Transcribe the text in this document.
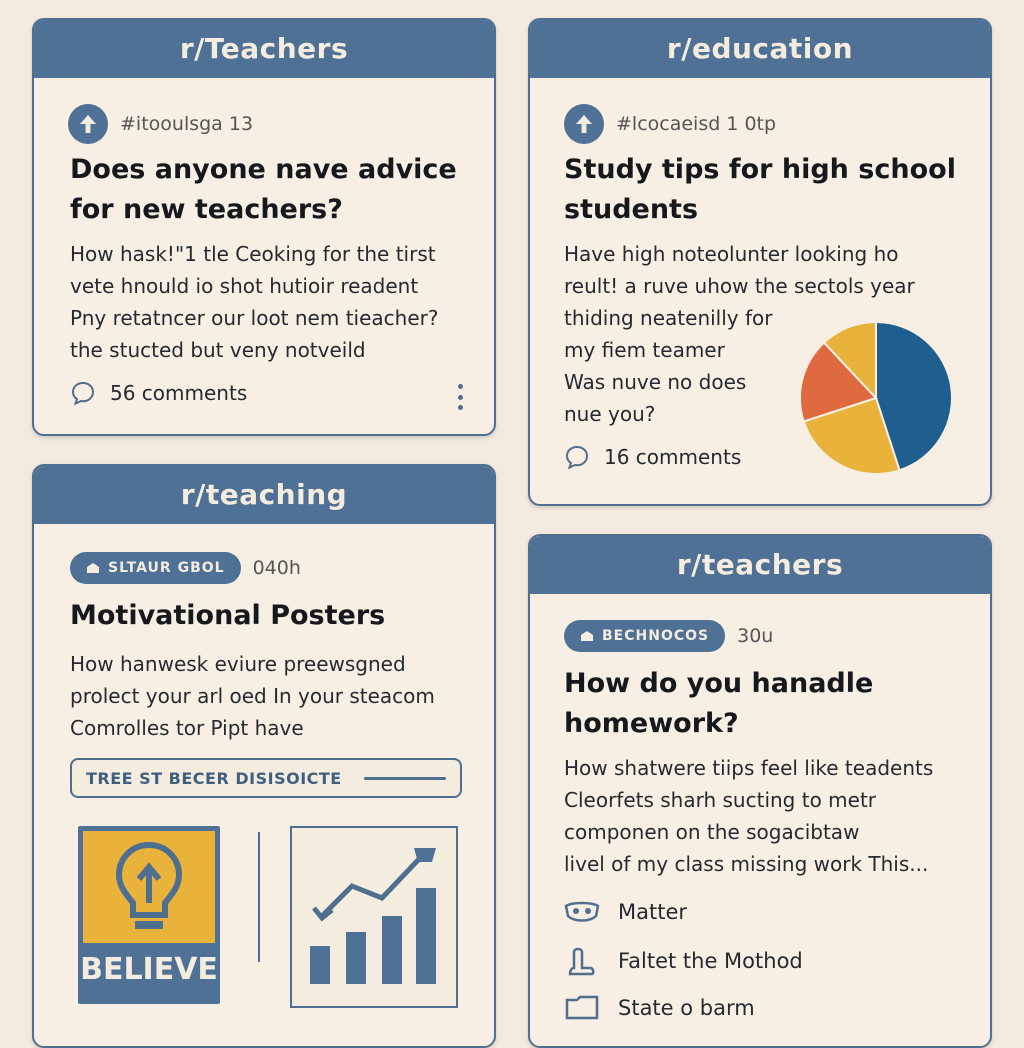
r/Teachers
#itooulsga 13
Does anyone nave advice
for new teachers?
How hask!"1 tle Ceoking for the tirst
vete hnould io shot hutioir readent
Pny retatncer our loot nem tieacher?
the stucted but veny notveild
56 comments
r/education
#lcocaeisd 1 0tp
Study tips for high school
students
Have high noteolunter looking ho
reult! a ruve uhow the sectols year
thiding neatenilly for
my fiem teamer
Was nuve no does
nue you?
16 comments
r/teaching
SLTAUR GBOL 040h
Motivational Posters
How hanwesk eviure preewsgned
prolect your arl oed In your steacom
Comrolles tor Pipt have
TREE ST BECER DISISOICTE
BELIEVE
r/teachers
BECHNOCOS 30u
How do you hanadle
homework?
How shatwere tiips feel like teadents
Cleorfets sharh sucting to metr
componen on the sogacibtaw
livel of my class missing work This...
Matter
Faltet the Mothod
State o barm
